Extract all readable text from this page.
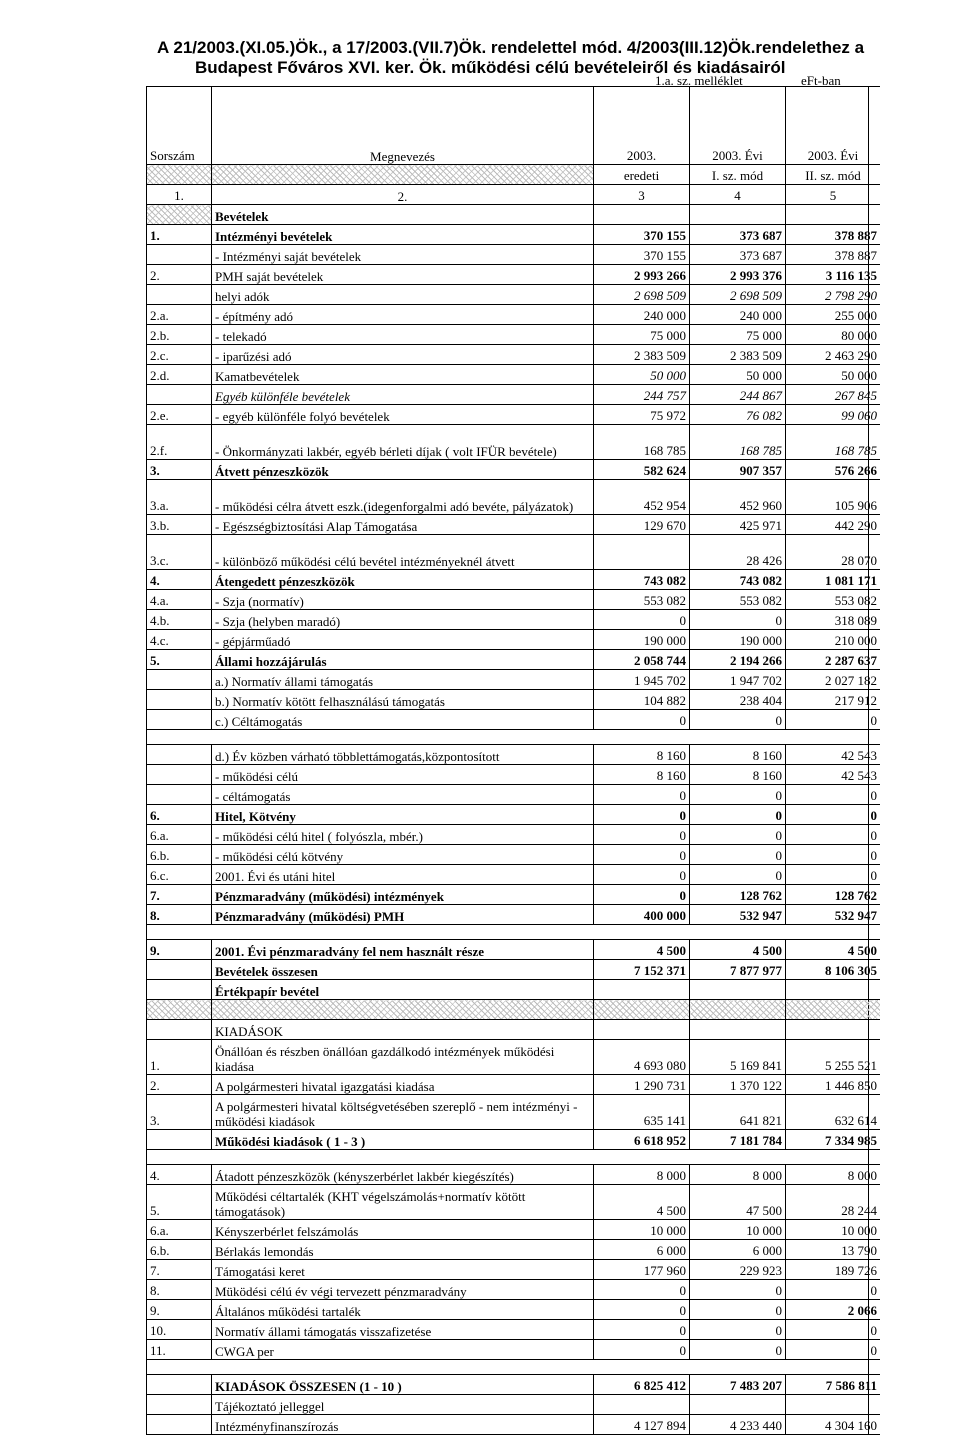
A 21/2003.(XI.05.)Ök., a 17/2003.(VII.7)Ök. rendelettel mód. 4/2003(III.12)Ök.rendelethez a
Budapest Főváros XVI. ker. Ök. működési célú bevételeiről és kiadásairól
1.a. sz. melléklet	eFt-ban

Sorszám	Megnevezés	2003.	2003. Évi	2003. Évi
		eredeti	I. sz. mód	II. sz. mód
1.	2.	3	4	5
	Bevételek			
1.	Intézményi bevételek	370 155	373 687	378 887
	- Intézményi saját bevételek	370 155	373 687	378 887
2.	PMH saját bevételek	2 993 266	2 993 376	3 116 135
	helyi adók	2 698 509	2 698 509	2 798 290
2.a.	- építmény adó	240 000	240 000	255 000
2.b.	- telekadó	75 000	75 000	80 000
2.c.	- iparűzési adó	2 383 509	2 383 509	2 463 290
2.d.	Kamatbevételek	50 000	50 000	50 000
	Egyéb különféle bevételek	244 757	244 867	267 845
2.e.	- egyéb különféle folyó bevételek	75 972	76 082	99 060
2.f.	- Önkormányzati lakbér, egyéb bérleti díjak ( volt IFÜR bevétele)	168 785	168 785	168 785
3.	Átvett pénzeszközök	582 624	907 357	576 266
3.a.	- működési célra átvett eszk.(idegenforgalmi adó bevéte, pályázatok)	452 954	452 960	105 906
3.b.	- Egészségbiztosítási Alap Támogatása	129 670	425 971	442 290
3.c.	- különböző működési célú bevétel intézményeknél átvett		28 426	28 070
4.	Átengedett pénzeszközök	743 082	743 082	1 081 171
4.a.	- Szja (normatív)	553 082	553 082	553 082
4.b.	- Szja (helyben maradó)	0	0	318 089
4.c.	- gépjárműadó	190 000	190 000	210 000
5.	Állami hozzájárulás	2 058 744	2 194 266	2 287 637
	a.) Normatív állami támogatás	1 945 702	1 947 702	2 027 182
	b.) Normatív kötött felhasználású támogatás	104 882	238 404	217 912
	c.) Céltámogatás	0	0	0

	d.) Év közben várható többlettámogatás,központosított	8 160	8 160	42 543
	- működési célú	8 160	8 160	42 543
	- céltámogatás	0	0	0
6.	Hitel, Kötvény	0	0	0
6.a.	- működési célú hitel ( folyószla, mbér.)	0	0	0
6.b.	- működési célú kötvény	0	0	0
6.c.	2001. Évi és utáni hitel	0	0	0
7.	Pénzmaradvány (működési) intézmények	0	128 762	128 762
8.	Pénzmaradvány (működési) PMH	400 000	532 947	532 947

9.	2001. Évi pénzmaradvány fel nem használt része	4 500	4 500	4 500
	Bevételek összesen	7 152 371	7 877 977	8 106 305
	Értékpapír bevétel			

	KIADÁSOK			
1.	Önállóan és részben önállóan gazdálkodó intézmények működési kiadása	4 693 080	5 169 841	5 255 521
2.	A polgármesteri hivatal igazgatási kiadása	1 290 731	1 370 122	1 446 850
3.	A polgármesteri hivatal költségvetésében szereplő - nem intézményi - működési kiadások	635 141	641 821	632 614
	Működési kiadások ( 1 - 3 )	6 618 952	7 181 784	7 334 985

4.	Átadott pénzeszközök (kényszerbérlet lakbér kiegészítés)	8 000	8 000	8 000
5.	Működési céltartalék (KHT végelszámolás+normatív kötött támogatások)	4 500	47 500	28 244
6.a.	Kényszerbérlet felszámolás	10 000	10 000	10 000
6.b.	Bérlakás lemondás	6 000	6 000	13 790
7.	Támogatási keret	177 960	229 923	189 726
8.	Müködési célú év végi tervezett pénzmaradvány	0	0	0
9.	Általános működési tartalék	0	0	2 066
10.	Normatív állami támogatás visszafizetése	0	0	0
11.	CWGA per	0	0	0

	KIADÁSOK ÖSSZESEN (1 - 10 )	6 825 412	7 483 207	7 586 811
	Tájékoztató jelleggel			
	Intézményfinanszírozás	4 127 894	4 233 440	4 304 160
